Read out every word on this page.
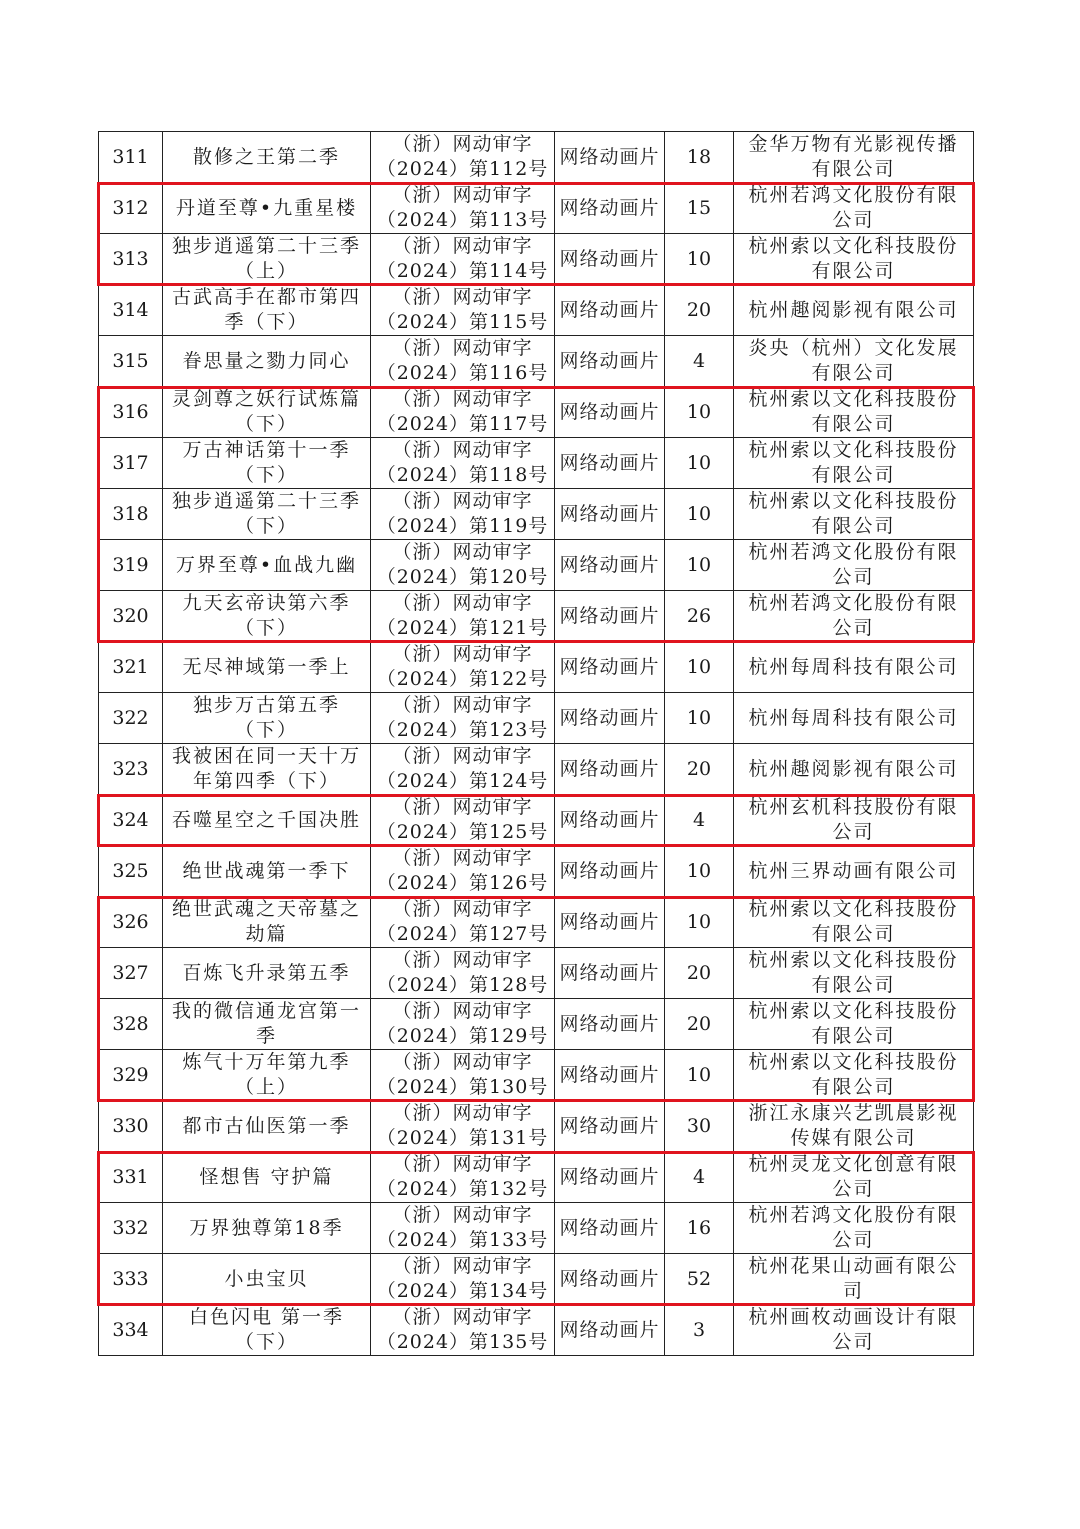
311	散修之王第二季	（浙）网动审字
（2024）第112号	网络动画片	18	金华万物有光影视传播
有限公司

312	丹道至尊•九重星楼	（浙）网动审字
（2024）第113号	网络动画片	15	杭州若鸿文化股份有限
公司

313	独步逍遥第二十三季
（上）	（浙）网动审字
（2024）第114号	网络动画片	10	杭州索以文化科技股份
有限公司

314	古武高手在都市第四
季（下）	（浙）网动审字
（2024）第115号	网络动画片	20	杭州趣阅影视有限公司

315	眷思量之勠力同心	（浙）网动审字
（2024）第116号	网络动画片	4	炎央（杭州）文化发展
有限公司

316	灵剑尊之妖行试炼篇
（下）	（浙）网动审字
（2024）第117号	网络动画片	10	杭州索以文化科技股份
有限公司

317	万古神话第十一季
（下）	（浙）网动审字
（2024）第118号	网络动画片	10	杭州索以文化科技股份
有限公司

318	独步逍遥第二十三季
（下）	（浙）网动审字
（2024）第119号	网络动画片	10	杭州索以文化科技股份
有限公司

319	万界至尊•血战九幽	（浙）网动审字
（2024）第120号	网络动画片	10	杭州若鸿文化股份有限
公司

320	九天玄帝诀第六季
（下）	（浙）网动审字
（2024）第121号	网络动画片	26	杭州若鸿文化股份有限
公司

321	无尽神域第一季上	（浙）网动审字
（2024）第122号	网络动画片	10	杭州每周科技有限公司

322	独步万古第五季
（下）	（浙）网动审字
（2024）第123号	网络动画片	10	杭州每周科技有限公司

323	我被困在同一天十万
年第四季（下）	（浙）网动审字
（2024）第124号	网络动画片	20	杭州趣阅影视有限公司

324	吞噬星空之千国决胜	（浙）网动审字
（2024）第125号	网络动画片	4	杭州玄机科技股份有限
公司

325	绝世战魂第一季下	（浙）网动审字
（2024）第126号	网络动画片	10	杭州三界动画有限公司

326	绝世武魂之天帝墓之
劫篇	（浙）网动审字
（2024）第127号	网络动画片	10	杭州索以文化科技股份
有限公司

327	百炼飞升录第五季	（浙）网动审字
（2024）第128号	网络动画片	20	杭州索以文化科技股份
有限公司

328	我的微信通龙宫第一
季	（浙）网动审字
（2024）第129号	网络动画片	20	杭州索以文化科技股份
有限公司

329	炼气十万年第九季
（上）	（浙）网动审字
（2024）第130号	网络动画片	10	杭州索以文化科技股份
有限公司

330	都市古仙医第一季	（浙）网动审字
（2024）第131号	网络动画片	30	浙江永康兴艺凯晨影视
传媒有限公司

331	怪想售 守护篇	（浙）网动审字
（2024）第132号	网络动画片	4	杭州灵龙文化创意有限
公司

332	万界独尊第18季	（浙）网动审字
（2024）第133号	网络动画片	16	杭州若鸿文化股份有限
公司

333	小虫宝贝	（浙）网动审字
（2024）第134号	网络动画片	52	杭州花果山动画有限公
司

334	白色闪电 第一季
（下）	（浙）网动审字
（2024）第135号	网络动画片	3	杭州画枚动画设计有限
公司
